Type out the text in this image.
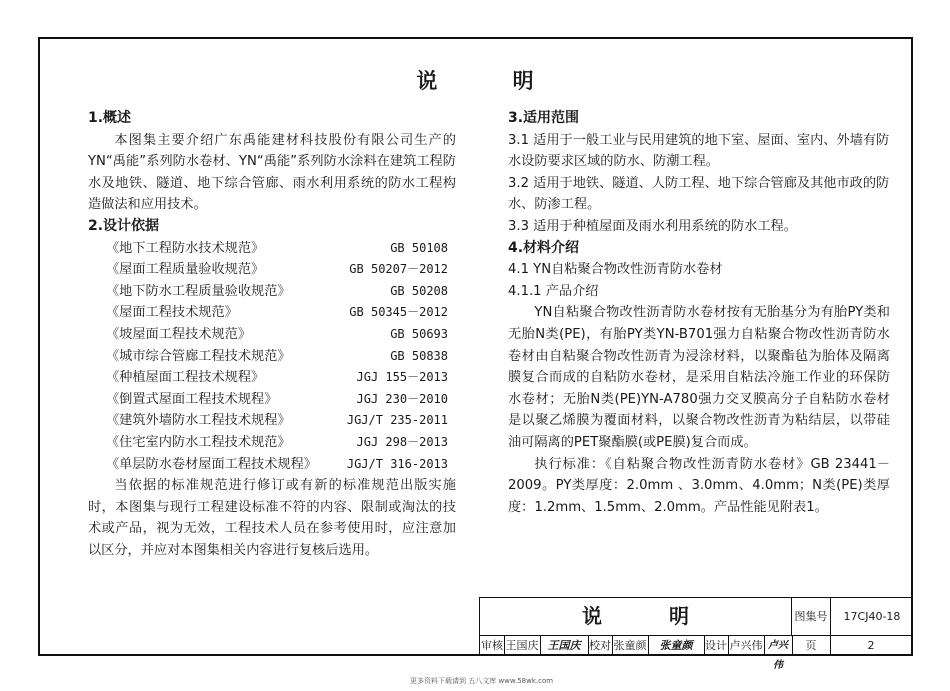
说 明
1.概述
本图集主要介绍广东禹能建材科技股份有限公司生产的YN“禹能”系列防水卷材、YN“禹能”系列防水涂料在建筑工程防水及地铁、隧道、地下综合管廊、雨水利用系统的防水工程构造做法和应用技术。
2.设计依据
《地下工程防水技术规范》	GB 50108
《屋面工程质量验收规范》	GB 50207－2012
《地下防水工程质量验收规范》	GB 50208
《屋面工程技术规范》	GB 50345－2012
《坡屋面工程技术规范》	GB 50693
《城市综合管廊工程技术规范》	GB 50838
《种植屋面工程技术规程》	JGJ 155－2013
《倒置式屋面工程技术规程》	JGJ 230－2010
《建筑外墙防水工程技术规程》	JGJ/T 235-2011
《住宅室内防水工程技术规范》	JGJ 298－2013
《单层防水卷材屋面工程技术规程》 JGJ/T 316-2013
当依据的标准规范进行修订或有新的标准规范出版实施时，本图集与现行工程建设标准不符的内容、限制或淘汰的技术或产品，视为无效，工程技术人员在参考使用时，应注意加以区分，并应对本图集相关内容进行复核后选用。
3.适用范围
3.1 适用于一般工业与民用建筑的地下室、屋面、室内、外墙有防水设防要求区域的防水、防潮工程。
3.2 适用于地铁、隧道、人防工程、地下综合管廊及其他市政的防水、防渗工程。
3.3 适用于种植屋面及雨水利用系统的防水工程。
4.材料介绍
4.1 YN自粘聚合物改性沥青防水卷材
4.1.1 产品介绍
YN自粘聚合物改性沥青防水卷材按有无胎基分为有胎PY类和无胎N类(PE)，有胎PY类YN-B701强力自粘聚合物改性沥青防水卷材由自粘聚合物改性沥青为浸涂材料，以聚酯毡为胎体及隔离膜复合而成的自粘防水卷材，是采用自粘法冷施工作业的环保防水卷材；无胎N类(PE)YN-A780强力交叉膜高分子自粘防水卷材是以聚乙烯膜为覆面材料，以聚合物改性沥青为粘结层，以带硅油可隔离的PET聚酯膜(或PE膜)复合而成。
执行标准：《自粘聚合物改性沥青防水卷材》GB 23441－2009。PY类厚度：2.0mm 、3.0mm、4.0mm；N类(PE)类厚度：1.2mm、1.5mm、2.0mm。产品性能见附表1。
说 明	图集号	17CJ40-18
审核 王国庆 王国庆 校对 张童颜	张童颜	设计 卢兴伟 卢兴伟
页	2
更多资料下载请到 五八文库 www.58wk.com
